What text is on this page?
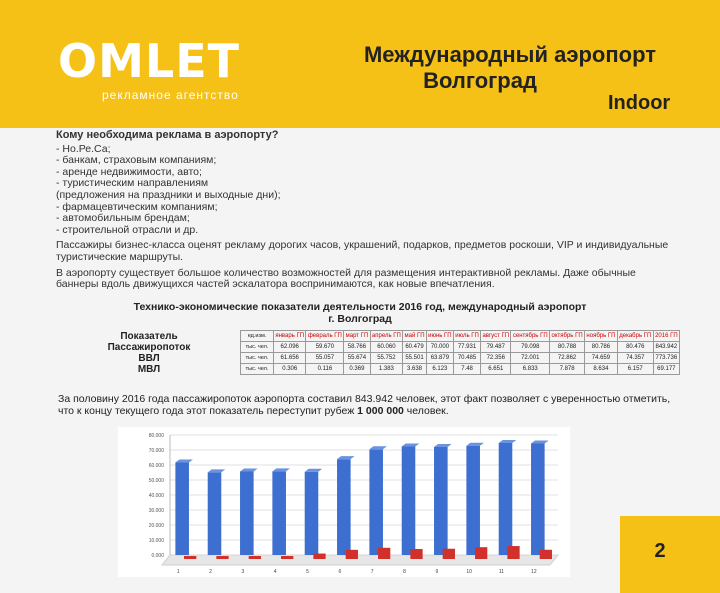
OMLET
рекламное агентство
Международный аэропорт
Волгоград
Indoor
Кому необходима реклама в аэропорту?
- Но.Ре.Са;
- банкам, страховым компаниям;
- аренде недвижимости, авто;
- туристическим направлениям
(предложения на праздники и выходные дни);
- фармацевтическим компаниям;
- автомобильным брендам;
- строительной отрасли и др.

Пассажиры бизнес-класса оценят рекламу дорогих часов, украшений, подарков, предметов роскоши, VIP и индивидуальные туристические маршруты.

В аэропорту существует большое количество возможностей для размещения интерактивной рекламы. Даже обычные баннеры вдоль движущихся частей эскалатора воспринимаются, как новые впечатления.

Технико-экономические показатели деятельности 2016 год, международный аэропорт
г. Волгоград
Показатель	ед.изм.	январь ГП	февраль ГП	март ГП	апрель ГП	май ГП	июнь ГП	июль ГП	август ГП	сентябрь ГП	октябрь ГП	ноябрь ГП	декабрь ГП	2016 ГП
Пассажиропоток	тыс. чел.	62.096	59.670	58.766	60.060	60.479	70.000	77.931	79.487	79.098	80.788	80.786	80.476	843.942
ВВЛ	тыс. чел.	61.656	55.057	55.674	55.752	55.501	63.879	70.485	72.356	72.001	72.862	74.659	74.357	773.736
МВЛ	тыс. чел.	0.306	0.116	0.369	1.383	3.638	6.123	7.48	6.651	6.833	7.878	8.634	6.157	69.177
За половину 2016 года пассажиропоток аэропорта составил 843.942 человек, этот факт позволяет с уверенностью отметить, что к концу текущего года этот показатель переступит рубеж 1 000 000 человек.
80.000
70.000
60.000
50.000
40.000
30.000
20.000
10.000
0.000
1	2	3	4	5	6	7	8	9	10	11	12
2
